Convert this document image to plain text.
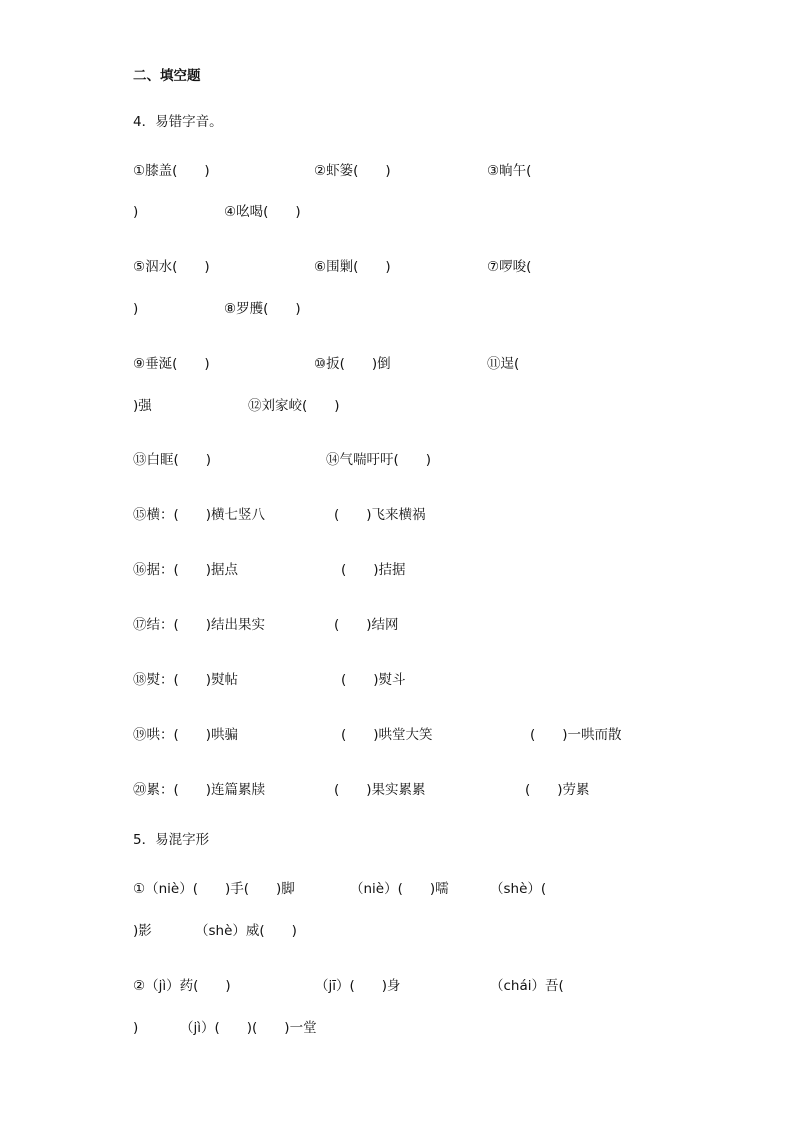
二、填空题
4．易错字音。
①膝盖(　　)	②虾篓(　　)	③晌午(
)	④吆喝(　　)
⑤泅水(　　)	⑥围剿(　　)	⑦啰唆(
)	⑧罗雘(　　)
⑨垂涎(　　)	⑩扳(　　)倒	⑪逞(
)强	⑫刘家峧(　　)
⑬白眶(　　)	⑭气喘吁吁(　　)
⑮横：(　　)横七竖八	(　　)飞来横祸
⑯据：(　　)据点	(　　)拮据
⑰结：(　　)结出果实	(　　)结网
⑱熨：(　　)熨帖	(　　)熨斗
⑲哄：(　　)哄骗	(　　)哄堂大笑	(　　)一哄而散
⑳累：(　　)连篇累牍	(　　)果实累累	(　　)劳累
5．易混字形
①（niè）(　　)手(　　)脚	（niè）(　　)嚅	（shè）(
)影	（shè）威(　　)
②（jì）药(　　)	（jī）(　　)身	（chái）吾(
)	（jì）(　　)(　　)一堂
